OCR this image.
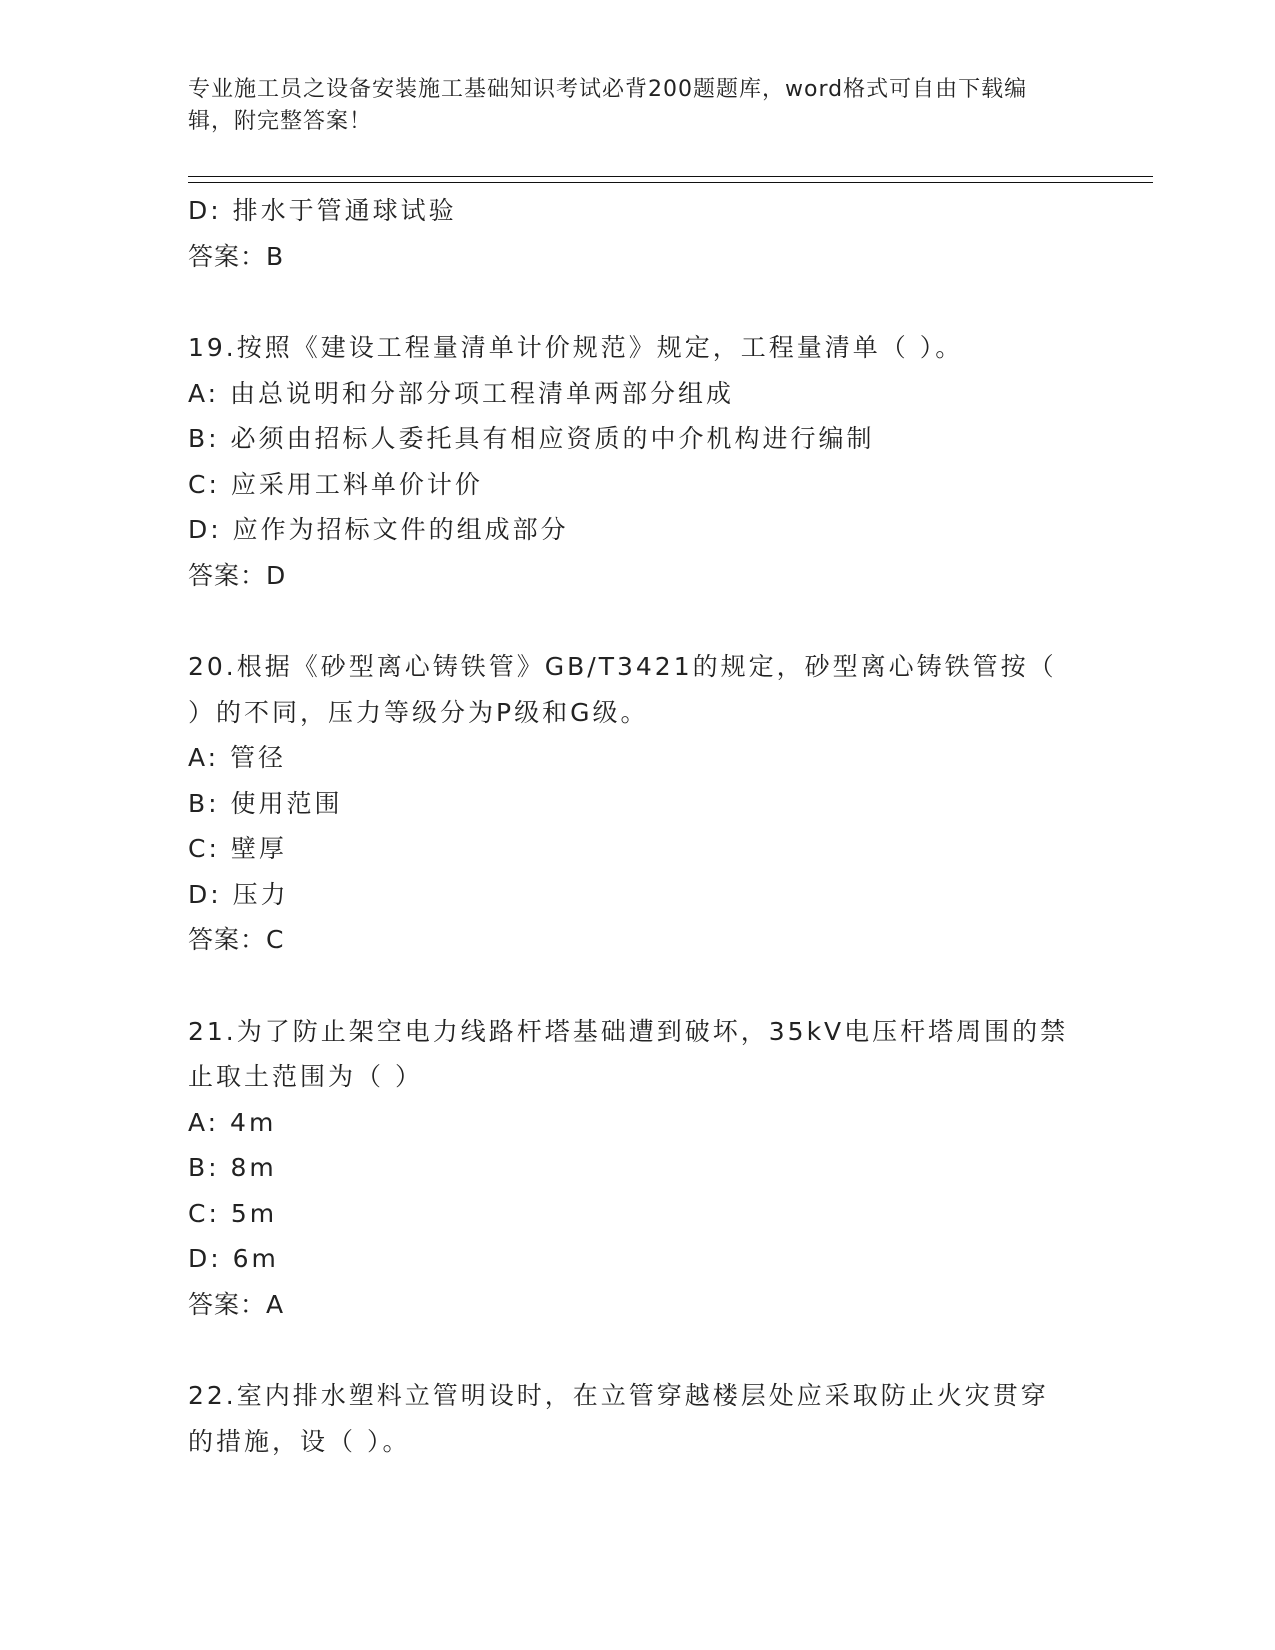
专业施工员之设备安装施工基础知识考试必背200题题库，word格式可自由下载编辑，附完整答案！
D: 排水于管通球试验
答案：B
19.按照《建设工程量清单计价规范》规定，工程量清单（ ）。
A: 由总说明和分部分项工程清单两部分组成
B: 必须由招标人委托具有相应资质的中介机构进行编制
C: 应采用工料单价计价
D: 应作为招标文件的组成部分
答案：D
20.根据《砂型离心铸铁管》GB/T3421的规定，砂型离心铸铁管按（
）的不同，压力等级分为P级和G级。
A: 管径
B: 使用范围
C: 壁厚
D: 压力
答案：C
21.为了防止架空电力线路杆塔基础遭到破坏，35kV电压杆塔周围的禁
止取土范围为（ ）
A: 4m
B: 8m
C: 5m
D: 6m
答案：A
22.室内排水塑料立管明设时，在立管穿越楼层处应采取防止火灾贯穿
的措施，设（ ）。
